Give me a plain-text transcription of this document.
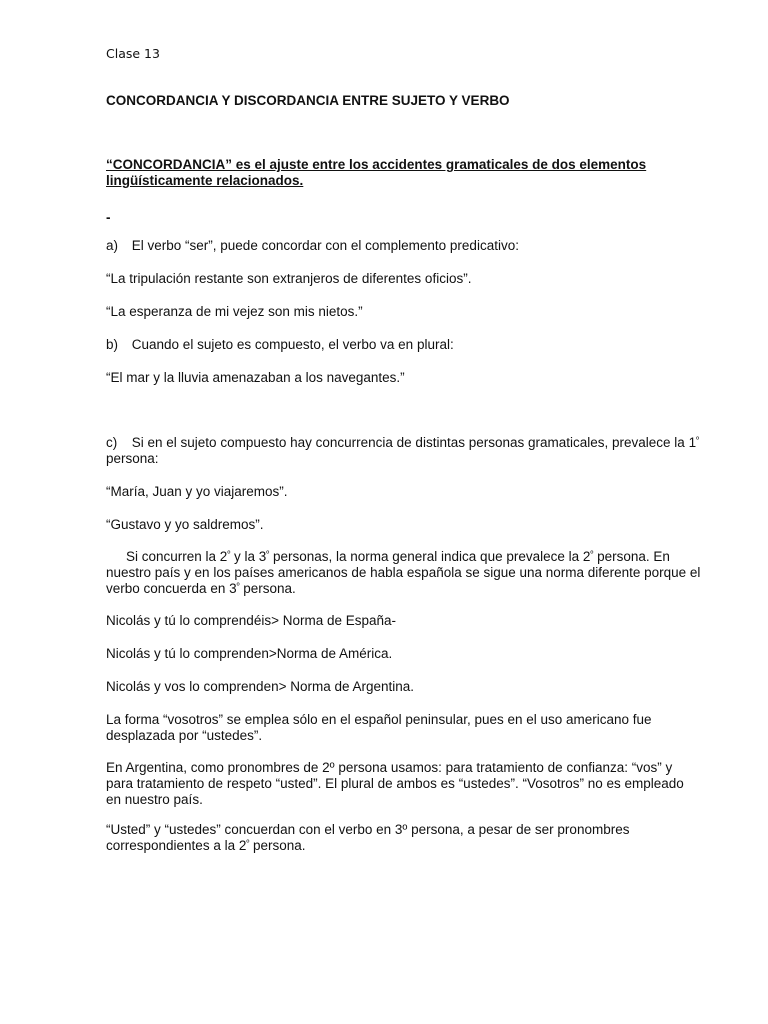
Clase 13
CONCORDANCIA Y DISCORDANCIA ENTRE SUJETO Y VERBO
“CONCORDANCIA” es el ajuste entre los accidentes gramaticales de dos elementos
lingüísticamente relacionados.
-
a) El verbo “ser”, puede concordar con el complemento predicativo:
“La tripulación restante son extranjeros de diferentes oficios”.
“La esperanza de mi vejez son mis nietos.”
b) Cuando el sujeto es compuesto, el verbo va en plural:
“El mar y la lluvia amenazaban a los navegantes.”
c) Si en el sujeto compuesto hay concurrencia de distintas personas gramaticales, prevalece la $1^º$
persona:
“María, Juan y yo viajaremos”.
“Gustavo y yo saldremos”.
Si concurren la $2^º$ y la $3^º$ personas, la norma general indica que prevalece la $2^º$ persona. En
nuestro país y en los países americanos de habla española se sigue una norma diferente porque el
verbo concuerda en $3^º$ persona.
Nicolás y tú lo comprendéis> Norma de España-
Nicolás y tú lo comprenden>Norma de América.
Nicolás y vos lo comprenden> Norma de Argentina.
La forma “vosotros” se emplea sólo en el español peninsular, pues en el uso americano fue
desplazada por “ustedes”.
En Argentina, como pronombres de 2º persona usamos: para tratamiento de confianza: “vos” y
para tratamiento de respeto “usted”. El plural de ambos es “ustedes”. “Vosotros” no es empleado
en nuestro país.
“Usted” y “ustedes” concuerdan con el verbo en 3º persona, a pesar de ser pronombres
correspondientes a la $2^º$ persona.
